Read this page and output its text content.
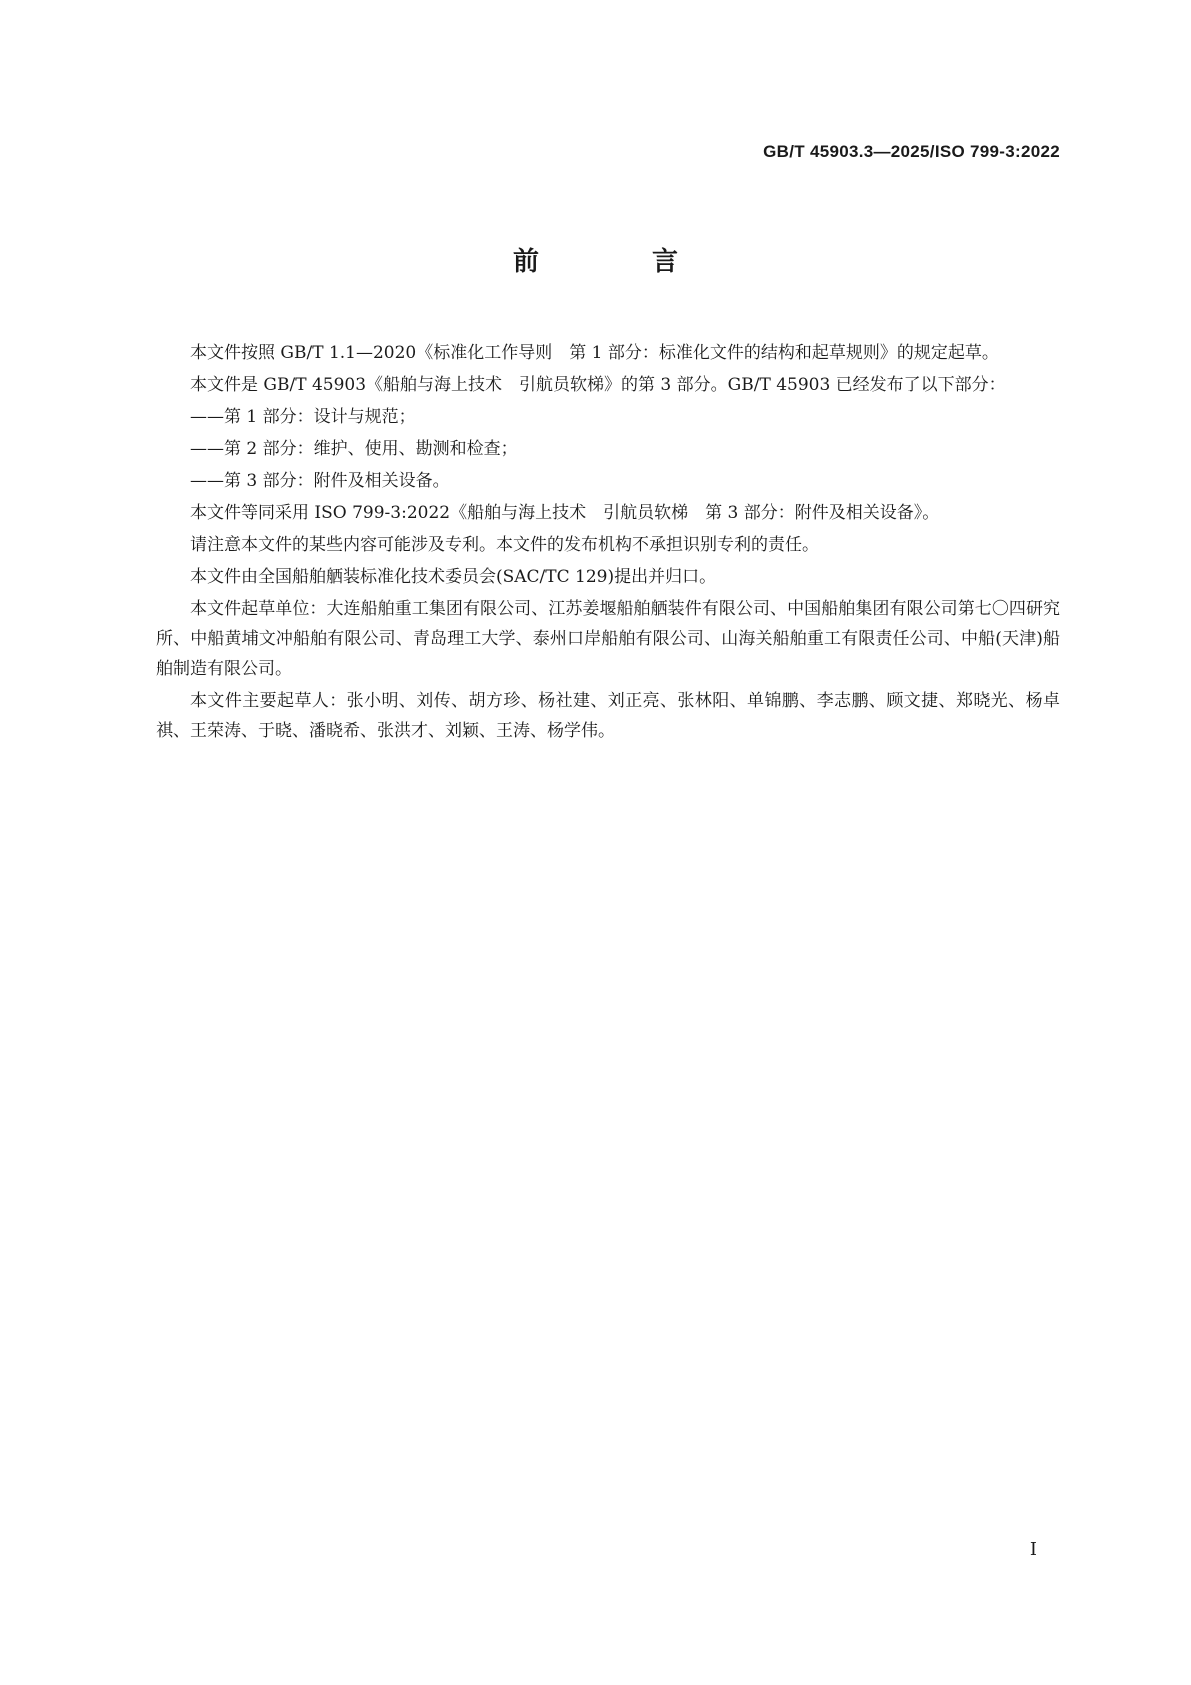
GB/T 45903.3—2025/ISO 799-3:2022
前 言

本文件按照 GB/T 1.1—2020《标准化工作导则　第 1 部分：标准化文件的结构和起草规则》的规定起草。

本文件是 GB/T 45903《船舶与海上技术　引航员软梯》的第 3 部分。GB/T 45903 已经发布了以下部分：

——第 1 部分：设计与规范；

——第 2 部分：维护、使用、勘测和检查；

——第 3 部分：附件及相关设备。

本文件等同采用 ISO 799-3:2022《船舶与海上技术　引航员软梯　第 3 部分：附件及相关设备》。

请注意本文件的某些内容可能涉及专利。本文件的发布机构不承担识别专利的责任。

本文件由全国船舶舾装标准化技术委员会(SAC/TC 129)提出并归口。

本文件起草单位：大连船舶重工集团有限公司、江苏姜堰船舶舾装件有限公司、中国船舶集团有限公司第七〇四研究所、中船黄埔文冲船舶有限公司、青岛理工大学、泰州口岸船舶有限公司、山海关船舶重工有限责任公司、中船(天津)船舶制造有限公司。

本文件主要起草人：张小明、刘传、胡方珍、杨社建、刘正亮、张林阳、单锦鹏、李志鹏、顾文捷、郑晓光、杨卓祺、王荣涛、于晓、潘晓希、张洪才、刘颖、王涛、杨学伟。

I
